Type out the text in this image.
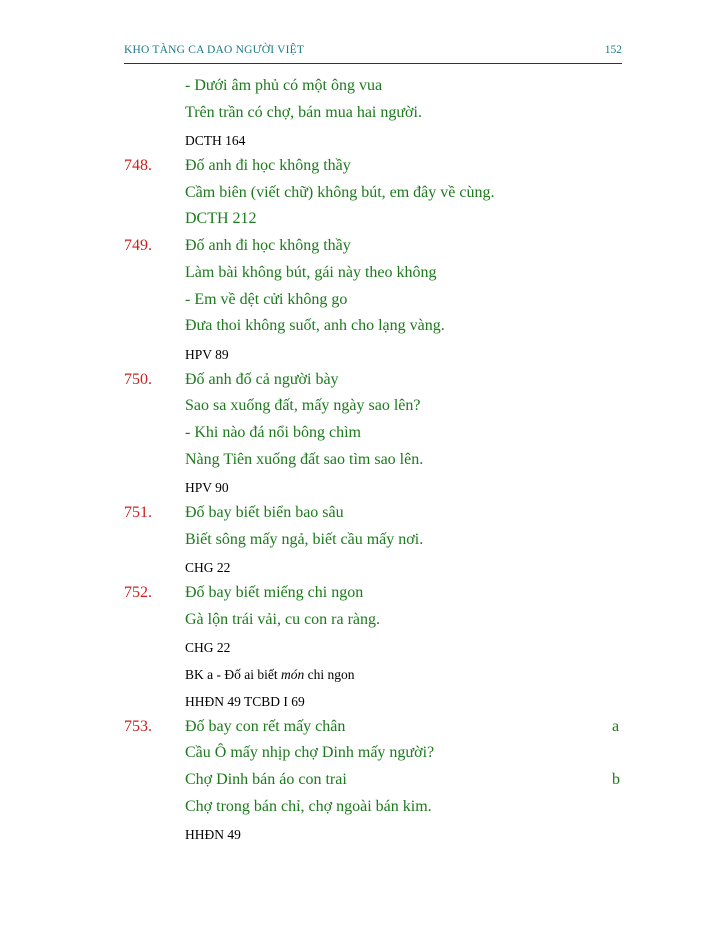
KHO TÀNG CA DAO NGƯỜI VIỆT	152
- Dưới âm phủ có một ông vua
Trên trần có chợ, bán mua hai người.
DCTH 164
748. Đố anh đi học không thầy
Cầm biên (viết chữ) không bút, em đây về cùng.
DCTH 212
749. Đố anh đi học không thầy
Làm bài không bút, gái này theo không
- Em về dệt cửi không go
Đưa thoi không suốt, anh cho lạng vàng.
HPV 89
750. Đố anh đố cả người bày
Sao sa xuống đất, mấy ngày sao lên?
- Khi nào đá nổi bông chìm
Nàng Tiên xuống đất sao tìm sao lên.
HPV 90
751. Đố bay biết biển bao sâu
Biết sông mấy ngả, biết cầu mấy nơi.
CHG 22
752. Đố bay biết miếng chi ngon
Gà lộn trái vải, cu con ra ràng.
CHG 22
BK a - Đố ai biết món chi ngon
HHĐN 49 TCBD I 69
753. Đố bay con rết mấy chân	a
Cầu Ô mấy nhịp chợ Dinh mấy người?
Chợ Dinh bán áo con trai	b
Chợ trong bán chỉ, chợ ngoài bán kim.
HHĐN 49
